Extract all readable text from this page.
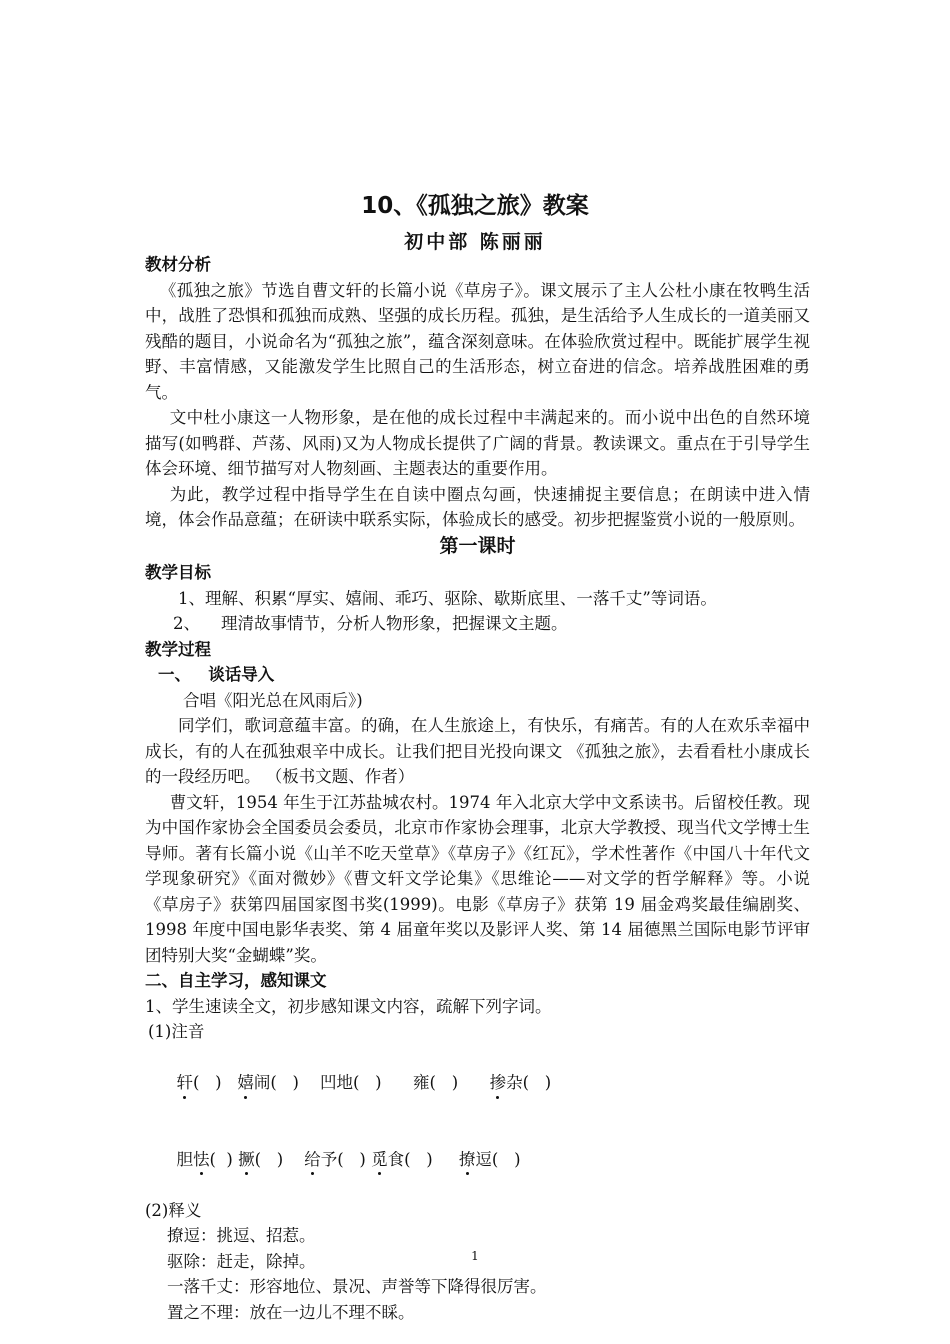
10、《孤独之旅》教案
初中部 陈丽丽
教材分析
《孤独之旅》节选自曹文轩的长篇小说《草房子》。课文展示了主人公杜小康在牧鸭生活中，战胜了恐惧和孤独而成熟、坚强的成长历程。孤独，是生活给予人生成长的一道美丽又残酷的题目，小说命名为“孤独之旅”，蕴含深刻意味。在体验欣赏过程中。既能扩展学生视野、丰富情感，又能激发学生比照自己的生活形态，树立奋进的信念。培养战胜困难的勇气。
文中杜小康这一人物形象，是在他的成长过程中丰满起来的。而小说中出色的自然环境描写(如鸭群、芦荡、风雨)又为人物成长提供了广阔的背景。教读课文。重点在于引导学生体会环境、细节描写对人物刻画、主题表达的重要作用。
为此，教学过程中指导学生在自读中圈点勾画，快速捕捉主要信息；在朗读中进入情境，体会作品意蕴；在研读中联系实际，体验成长的感受。初步把握鉴赏小说的一般原则。
第一课时
教学目标
1、理解、积累“厚实、嬉闹、乖巧、驱除、歇斯底里、一落千丈”等词语。
2、    理清故事情节，分析人物形象，把握课文主题。
教学过程
一、   谈话导入
合唱《阳光总在风雨后》)
同学们，歌词意蕴丰富。的确，在人生旅途上，有快乐，有痛苦。有的人在欢乐幸福中成长，有的人在孤独艰辛中成长。让我们把目光投向课文 《孤独之旅》，去看看杜小康成长的一段经历吧。 （板书文题、作者）
曹文轩，1954 年生于江苏盐城农村。1974 年入北京大学中文系读书。后留校任教。现为中国作家协会全国委员会委员，北京市作家协会理事，北京大学教授、现当代文学博士生导师。著有长篇小说《山羊不吃天堂草》《草房子》《红瓦》，学术性著作《中国八十年代文学现象研究》《面对微妙》《曹文轩文学论集》《思维论——对文学的哲学解释》等。小说《草房子》获第四届国家图书奖(1999)。电影《草房子》获第 19 届金鸡奖最佳编剧奖、1998 年度中国电影华表奖、第 4 届童年奖以及影评人奖、第 14 届德黑兰国际电影节评审团特别大奖“金蝴蝶”奖。
二、自主学习，感知课文
1、学生速读全文，初步感知课文内容，疏解下列字词。
(1)注音

轩(   ) 嬉闹(   ) 凹地(   ) 雍(   ) 掺杂(   )

胆怯(  ) 撅(   ) 给予(   ) 觅食(   ) 撩逗(   )

(2)释义
撩逗：挑逗、招惹。
驱除：赶走，除掉。
一落千丈：形容地位、景况、声誉等下降得很厉害。
置之不理：放在一边儿不理不睬。
1
